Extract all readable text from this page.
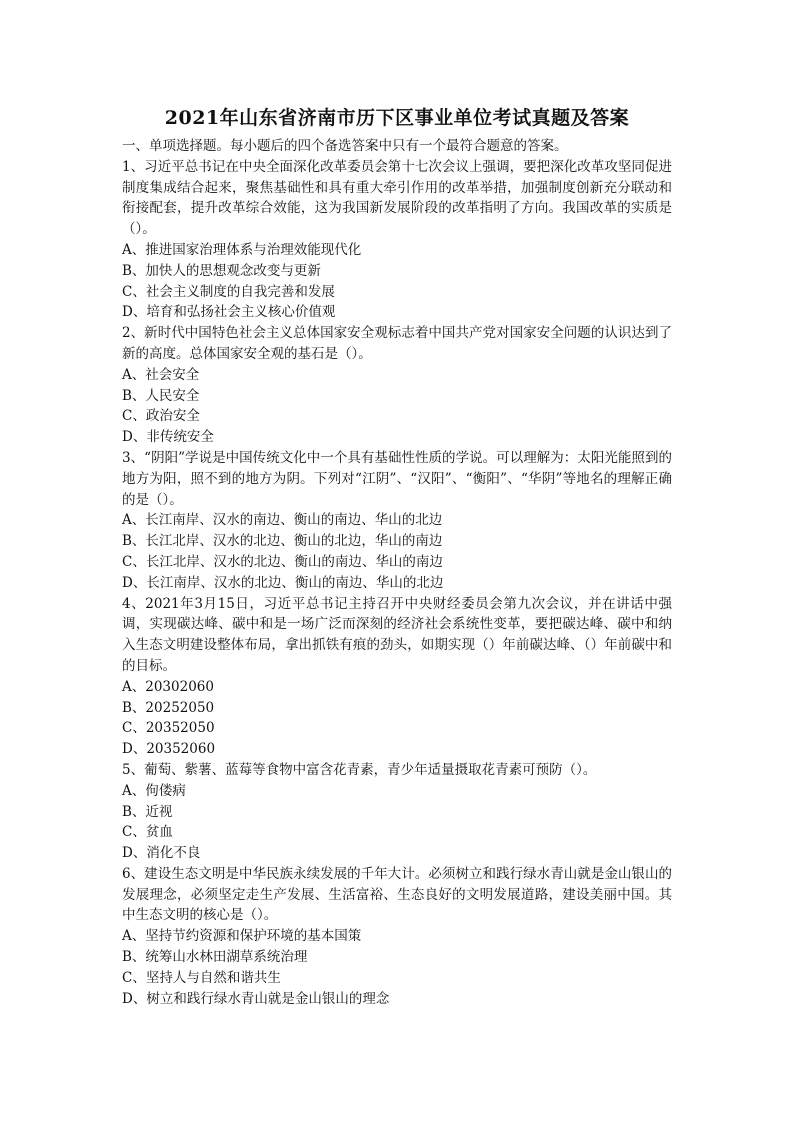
2021年山东省济南市历下区事业单位考试真题及答案

一、单项选择题。每小题后的四个备选答案中只有一个最符合题意的答案。

1、习近平总书记在中央全面深化改革委员会第十七次会议上强调，要把深化改革攻坚同促进制度集成结合起来，聚焦基础性和具有重大牵引作用的改革举措，加强制度创新充分联动和衔接配套，提升改革综合效能，这为我国新发展阶段的改革指明了方向。我国改革的实质是（）。

A、推进国家治理体系与治理效能现代化

B、加快人的思想观念改变与更新

C、社会主义制度的自我完善和发展

D、培育和弘扬社会主义核心价值观

2、新时代中国特色社会主义总体国家安全观标志着中国共产党对国家安全问题的认识达到了新的高度。总体国家安全观的基石是（）。

A、社会安全

B、人民安全

C、政治安全

D、非传统安全

3、“阴阳”学说是中国传统文化中一个具有基础性性质的学说。可以理解为：太阳光能照到的地方为阳，照不到的地方为阴。下列对“江阴”、“汉阳”、“衡阳”、“华阴”等地名的理解正确的是（）。

A、长江南岸、汉水的南边、衡山的南边、华山的北边

B、长江北岸、汉水的北边、衡山的北边，华山的南边

C、长江北岸、汉水的北边、衡山的南边、华山的南边

D、长江南岸、汉水的北边、衡山的南边、华山的北边

4、2021年3月15日，习近平总书记主持召开中央财经委员会第九次会议，并在讲话中强调，实现碳达峰、碳中和是一场广泛而深刻的经济社会系统性变革，要把碳达峰、碳中和纳入生态文明建设整体布局，拿出抓铁有痕的劲头，如期实现（）年前碳达峰、（）年前碳中和的目标。

A、20302060

B、20252050

C、20352050

D、20352060

5、葡萄、紫薯、蓝莓等食物中富含花青素，青少年适量摄取花青素可预防（）。

A、佝偻病

B、近视

C、贫血

D、消化不良

6、建设生态文明是中华民族永续发展的千年大计。必须树立和践行绿水青山就是金山银山的发展理念，必须坚定走生产发展、生活富裕、生态良好的文明发展道路，建设美丽中国。其中生态文明的核心是（）。

A、坚持节约资源和保护环境的基本国策

B、统筹山水林田湖草系统治理

C、坚持人与自然和谐共生

D、树立和践行绿水青山就是金山银山的理念
